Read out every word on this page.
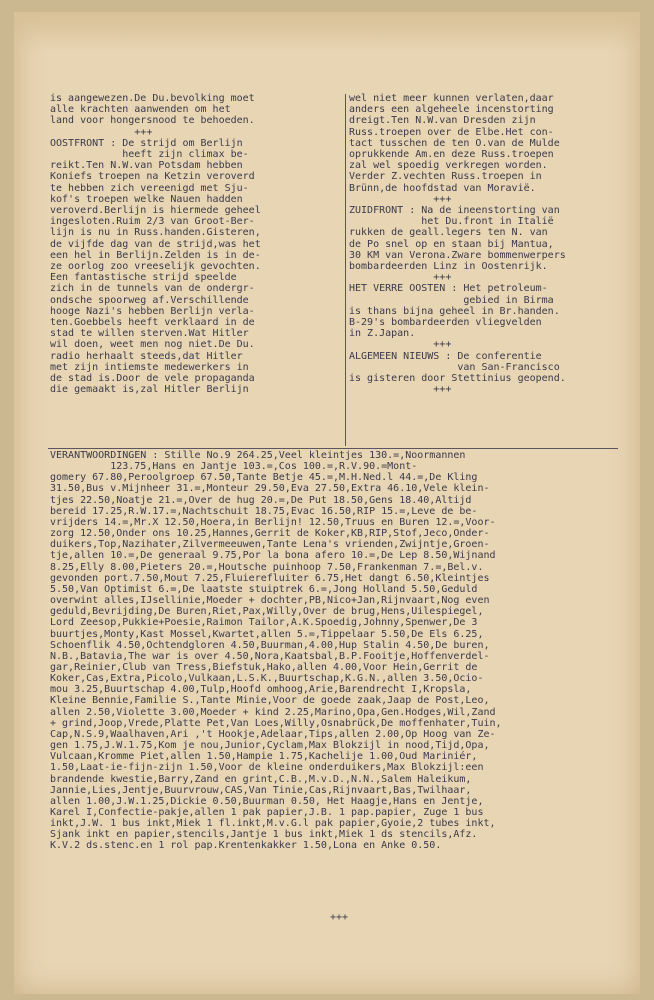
is aangewezen.De Du.bevolking moet
alle krachten aanwenden om het
land voor hongersnood te behoeden.
+++
OOSTFRONT : De strijd om Berlijn
heeft zijn climax be-
reikt.Ten N.W.van Potsdam hebben
Koniefs troepen na Ketzin veroverd
te hebben zich vereenigd met Sju-
kof's troepen welke Nauen hadden
veroverd.Berlijn is hiermede geheel
ingesloten.Ruim 2/3 van Groot-Ber-
lijn is nu in Russ.handen.Gisteren,
de vijfde dag van de strijd,was het
een hel in Berlijn.Zelden is in de-
ze oorlog zoo vreeselijk gevochten.
Een fantastische strijd speelde
zich in de tunnels van de ondergr-
ondsche spoorweg af.Verschillende
hooge Nazi's hebben Berlijn verla-
ten.Goebbels heeft verklaard in de
stad te willen sterven.Wat Hitler
wil doen, weet men nog niet.De Du.
radio herhaalt steeds,dat Hitler
met zijn intiemste medewerkers in
de stad is.Door de vele propaganda
die gemaakt is,zal Hitler Berlijn
wel niet meer kunnen verlaten,daar
anders een algeheele incenstorting
dreigt.Ten N.W.van Dresden zijn
Russ.troepen over de Elbe.Het con-
tact tusschen de ten O.van de Mulde
oprukkende Am.en deze Russ.troepen
zal wel spoedig verkregen worden.
Verder Z.vechten Russ.troepen in
Brünn,de hoofdstad van Moravië.
+++
ZUIDFRONT : Na de ineenstorting van
het Du.front in Italië
rukken de geall.legers ten N. van
de Po snel op en staan bij Mantua,
30 KM van Verona.Zware bommenwerpers
bombardeerden Linz in Oostenrijk.
+++
HET VERRE OOSTEN : Het petroleum-
gebied in Birma
is thans bijna geheel in Br.handen.
B-29's bombardeerden vliegvelden
in Z.Japan.
+++
ALGEMEEN NIEUWS : De conferentie
van San-Francisco
is gisteren door Stettinius geopend.
+++
VERANTWOORDINGEN : Stille No.9 264.25,Veel kleintjes 130.=,Noormannen
123.75,Hans en Jantje 103.=,Cos 100.=,R.V.90.=Mont-
gomery 67.80,Peroolgroep 67.50,Tante Betje 45.=,M.H.Ned.l 44.=,De Kling
31.50,Bus v.Mijnheer 31.=,Monteur 29.50,Eva 27.50,Extra 46.10,Vele klein-
tjes 22.50,Noatje 21.=,Over de hug 20.=,De Put 18.50,Gens 18.40,Altijd
bereid 17.25,R.W.17.=,Nachtschuit 18.75,Evac 16.50,RIP 15.=,Leve de be-
vrijders 14.=,Mr.X 12.50,Hoera,in Berlijn! 12.50,Truus en Buren 12.=,Voor-
zorg 12.50,Onder ons 10.25,Hannes,Gerrit de Koker,KB,RIP,Stof,Jeco,Onder-
duikers,Top,Nazihater,Zilvermeeuwen,Tante Lena's vrienden,Zwijntje,Groen-
tje,allen 10.=,De generaal 9.75,Por la bona afero 10.=,De Lep 8.50,Wijnand
8.25,Elly 8.00,Pieters 20.=,Houtsche puinhoop 7.50,Frankenman 7.=,Bel.v.
gevonden port.7.50,Mout 7.25,Fluierefluiter 6.75,Het dangt 6.50,Kleintjes
5.50,Van Optimist 6.=,De laatste stuiptrek 6.=,Jong Holland 5.50,Geduld
overwint alles,IJsellinie,Moeder + dochter,PB,Nico+Jan,Rijnvaart,Nog even
geduld,Bevrijding,De Buren,Riet,Pax,Willy,Over de brug,Hens,Uilespiegel,
Lord Zeesop,Pukkie+Poesie,Raimon Tailor,A.K.Spoedig,Johnny,Spenwer,De 3
buurtjes,Monty,Kast Mossel,Kwartet,allen 5.=,Tippelaar 5.50,De Els 6.25,
Schoenflik 4.50,Ochtendgloren 4.50,Buurman,4.00,Hup Stalin 4.50,De buren,
N.B.,Batavia,The war is over 4.50,Nora,Kaatsbal,B.P.Fooitje,Hoffenverdel-
gar,Reinier,Club van Tress,Biefstuk,Hako,allen 4.00,Voor Hein,Gerrit de
Koker,Cas,Extra,Picolo,Vulkaan,L.S.K.,Buurtschap,K.G.N.,allen 3.50,Ocio-
mou 3.25,Buurtschap 4.00,Tulp,Hoofd omhoog,Arie,Barendrecht I,Kropsla,
Kleine Bennie,Familie S.,Tante Minie,Voor de goede zaak,Jaap de Post,Leo,
allen 2.50,Violette 3.00,Moeder + kind 2.25,Marino,Opa,Gen.Hodges,Wil,Zand
+ grind,Joop,Vrede,Platte Pet,Van Loes,Willy,Osnabrück,De moffenhater,Tuin,
Cap,N.S.9,Waalhaven,Ari ,'t Hookje,Adelaar,Tips,allen 2.00,Op Hoog van Ze-
gen 1.75,J.W.1.75,Kom je nou,Junior,Cyclam,Max Blokzijl in nood,Tijd,Opa,
Vulcaan,Kromme Piet,allen 1.50,Hampie 1.75,Kachelije 1.00,Oud Mariniér,
1.50,Laat-ie-fijn-zijn 1.50,Voor de kleine onderduikers,Max Blokzijl:een
brandende kwestie,Barry,Zand en grint,C.B.,M.v.D.,N.N.,Salem Haleikum,
Jannie,Lies,Jentje,Buurvrouw,CAS,Van Tinie,Cas,Rijnvaart,Bas,Twilhaar,
allen 1.00,J.W.1.25,Dickie 0.50,Buurman 0.50, Het Haagje,Hans en Jentje,
Karel I,Confectie-pakje,allen 1 pak papier,J.B. 1 pap.papier, Zuge 1 bus
inkt,J.W. 1 bus inkt,Miek 1 fl.inkt,M.v.G.l pak papier,Gyoie,2 tubes inkt,
Sjank inkt en papier,stencils,Jantje 1 bus inkt,Miek 1 ds stencils,Afz.
K.V.2 ds.stenc.en 1 rol pap.Krentenkakker 1.50,Lona en Anke 0.50.
+++
